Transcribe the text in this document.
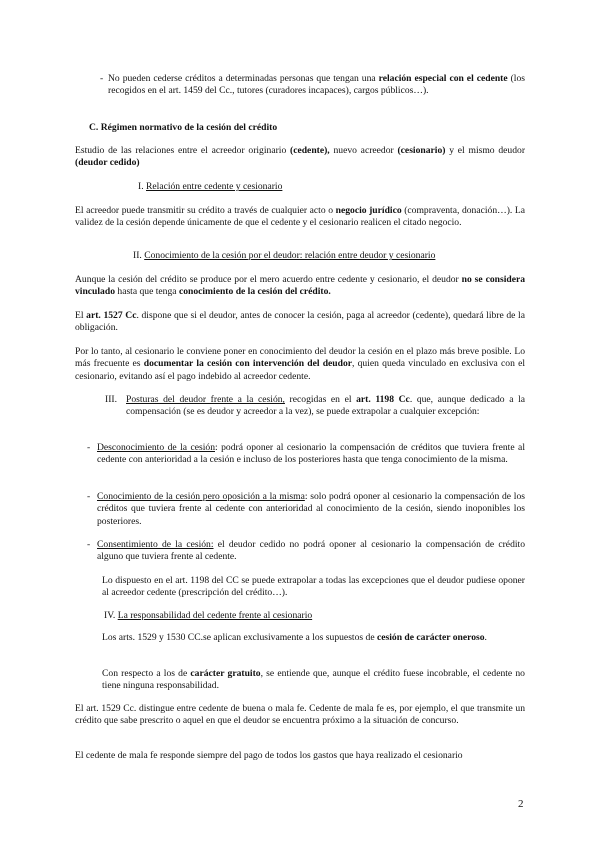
- No pueden cederse créditos a determinadas personas que tengan una relación especial con el cedente (los recogidos en el art. 1459 del Cc., tutores (curadores incapaces), cargos públicos…).

C. Régimen normativo de la cesión del crédito

Estudio de las relaciones entre el acreedor originario (cedente), nuevo acreedor (cesionario) y el mismo deudor (deudor cedido)

I. Relación entre cedente y cesionario

El acreedor puede transmitir su crédito a través de cualquier acto o negocio jurídico (compraventa, donación…). La validez de la cesión depende únicamente de que el cedente y el cesionario realicen el citado negocio.

II. Conocimiento de la cesión por el deudor: relación entre deudor y cesionario

Aunque la cesión del crédito se produce por el mero acuerdo entre cedente y cesionario, el deudor no se considera vinculado hasta que tenga conocimiento de la cesión del crédito.

El art. 1527 Cc. dispone que si el deudor, antes de conocer la cesión, paga al acreedor (cedente), quedará libre de la obligación.

Por lo tanto, al cesionario le conviene poner en conocimiento del deudor la cesión en el plazo más breve posible. Lo más frecuente es documentar la cesión con intervención del deudor, quien queda vinculado en exclusiva con el cesionario, evitando así el pago indebido al acreedor cedente.

III. Posturas del deudor frente a la cesión, recogidas en el art. 1198 Cc. que, aunque dedicado a la compensación (se es deudor y acreedor a la vez), se puede extrapolar a cualquier excepción:

- Desconocimiento de la cesión: podrá oponer al cesionario la compensación de créditos que tuviera frente al cedente con anterioridad a la cesión e incluso de los posteriores hasta que tenga conocimiento de la misma.

- Conocimiento de la cesión pero oposición a la misma: solo podrá oponer al cesionario la compensación de los créditos que tuviera frente al cedente con anterioridad al conocimiento de la cesión, siendo inoponibles los posteriores.

- Consentimiento de la cesión: el deudor cedido no podrá oponer al cesionario la compensación de crédito alguno que tuviera frente al cedente.

Lo dispuesto en el art. 1198 del CC se puede extrapolar a todas las excepciones que el deudor pudiese oponer al acreedor cedente (prescripción del crédito…).

IV. La responsabilidad del cedente frente al cesionario

Los arts. 1529 y 1530 CC.se aplican exclusivamente a los supuestos de cesión de carácter oneroso.

Con respecto a los de carácter gratuito, se entiende que, aunque el crédito fuese incobrable, el cedente no tiene ninguna responsabilidad.

El art. 1529 Cc. distingue entre cedente de buena o mala fe. Cedente de mala fe es, por ejemplo, el que transmite un crédito que sabe prescrito o aquel en que el deudor se encuentra próximo a la situación de concurso.

El cedente de mala fe responde siempre del pago de todos los gastos que haya realizado el cesionario

2
